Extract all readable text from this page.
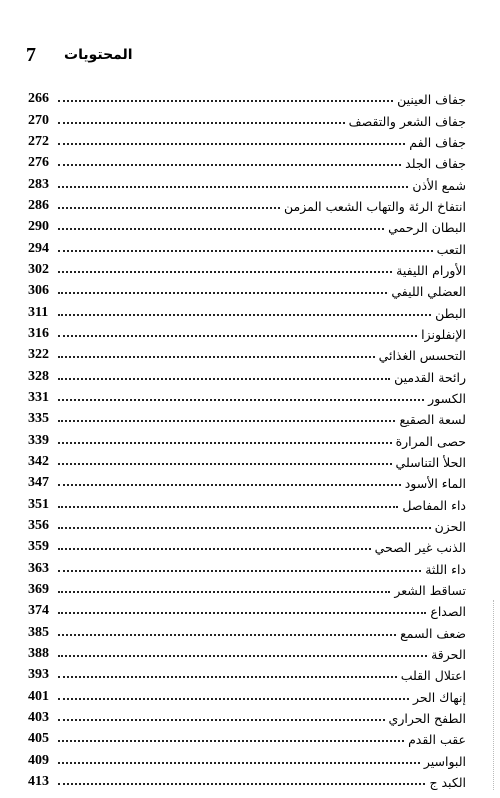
7 المحتويات
266	جفاف العينين
270	جفاف الشعر والتقصف
272	جفاف الفم
276	جفاف الجلد
283	شمع الأذن
286	انتفاخ الرئة والتهاب الشعب المزمن
290	البطان الرحمي
294	التعب
302	الأورام الليفية
306	العضلي الليفي
311	البطن
316	الإنفلونزا
322	التحسس الغذائي
328	رائحة القدمين
331	الكسور
335	لسعة الصقيع
339	حصى المرارة
342	الحلأ التناسلي
347	الماء الأسود
351	داء المفاصل
356	الحزن
359	الذنب غير الصحي
363	داء اللثة
369	تساقط الشعر
374	الصداع
385	ضعف السمع
388	الحرقة
393	اعتلال القلب
401	إنهاك الحر
403	الطفح الحراري
405	عقب القدم
409	البواسير
413	الكبد ج
